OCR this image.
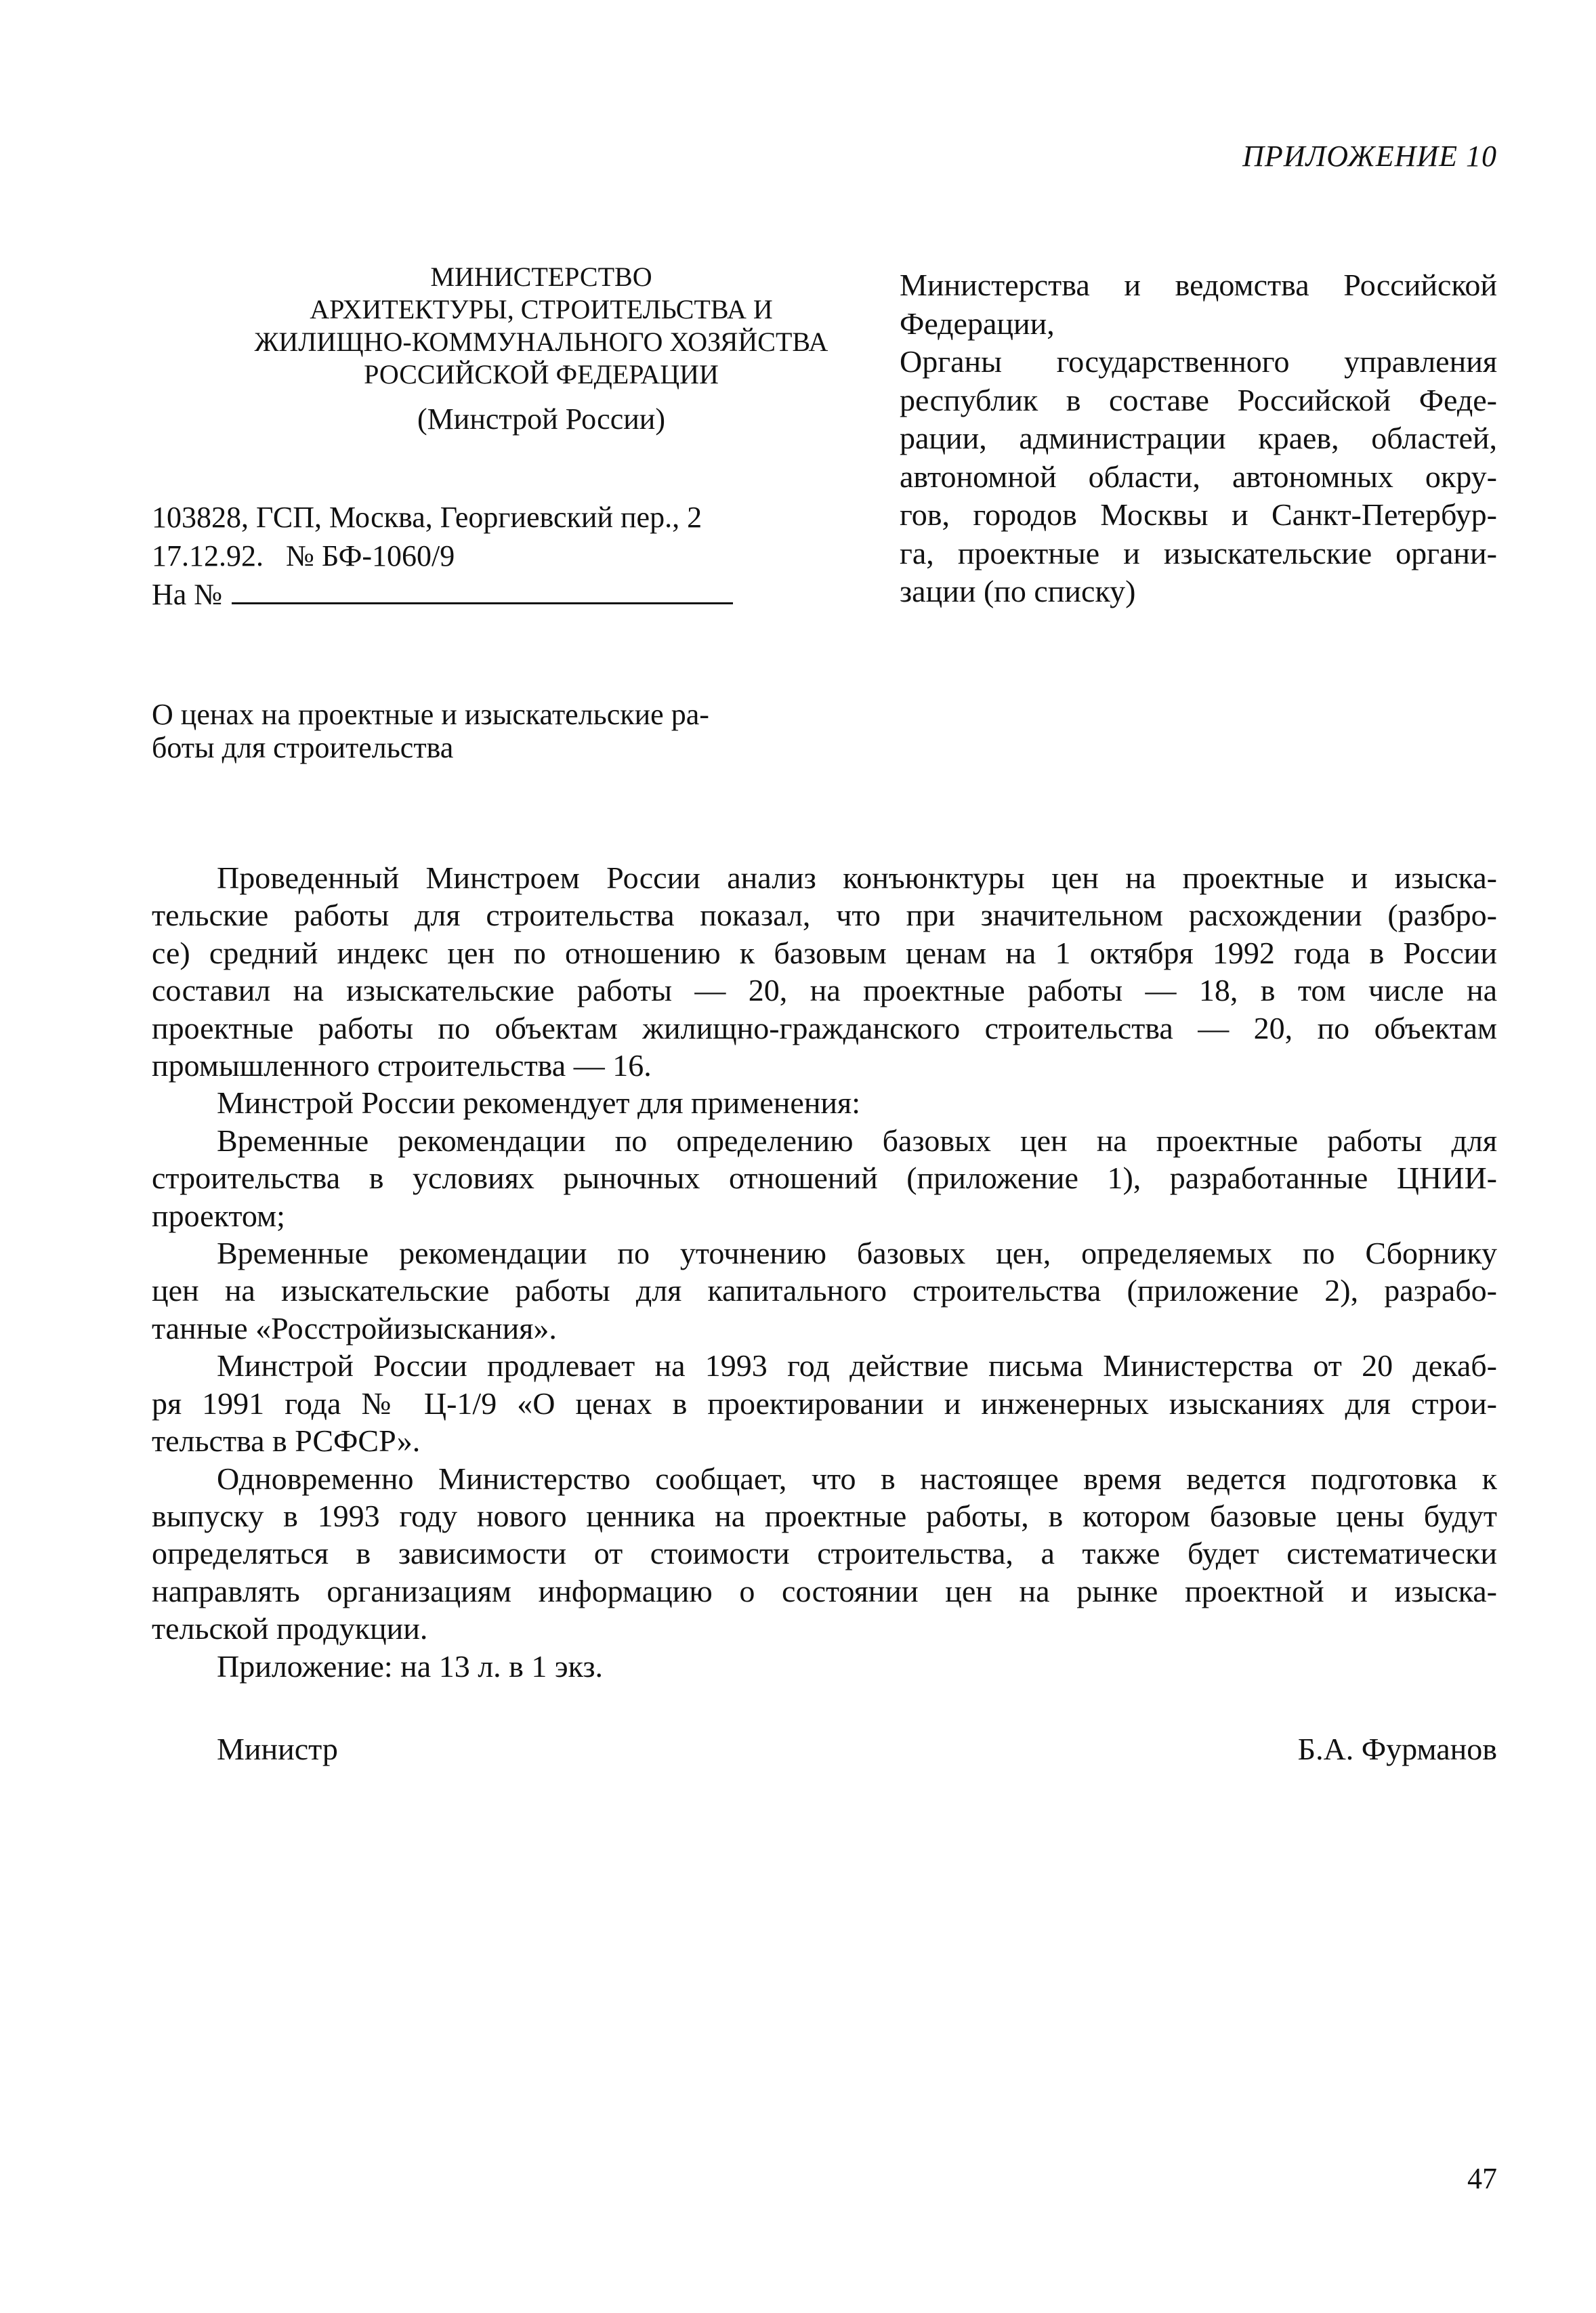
ПРИЛОЖЕНИЕ 10
МИНИСТЕРСТВО
АРХИТЕКТУРЫ, СТРОИТЕЛЬСТВА И
ЖИЛИЩНО-КОММУНАЛЬНОГО ХОЗЯЙСТВА
РОССИЙСКОЙ ФЕДЕРАЦИИ
(Минстрой России)
103828, ГСП, Москва, Георгиевский пер., 2
17.12.92.   № БФ-1060/9
На №
Министерства и ведомства Российской
Федерации,
Органы государственного управления
республик в составе Российской Феде-
рации, администрации краев, областей,
автономной области, автономных окру-
гов, городов Москвы и Санкт-Петербур-
га, проектные и изыскательские органи-
зации (по списку)
О ценах на проектные и изыскательские ра-
боты для строительства
Проведенный Минстроем России анализ конъюнктуры цен на проектные и изыска-
тельские работы для строительства показал, что при значительном расхождении (разбро-
се) средний индекс цен по отношению к базовым ценам на 1 октября 1992 года в России
составил на изыскательские работы — 20, на проектные работы — 18, в том числе на
проектные работы по объектам жилищно-гражданского строительства — 20, по объектам
промышленного строительства — 16.
Минстрой России рекомендует для применения:
Временные рекомендации по определению базовых цен на проектные работы для
строительства в условиях рыночных отношений (приложение 1), разработанные ЦНИИ-
проектом;
Временные рекомендации по уточнению базовых цен, определяемых по Сборнику
цен на изыскательские работы для капитального строительства (приложение 2), разрабо-
танные «Росстройизыскания».
Минстрой России продлевает на 1993 год действие письма Министерства от 20 декаб-
ря 1991 года № Ц-1/9 «О ценах в проектировании и инженерных изысканиях для строи-
тельства в РСФСР».
Одновременно Министерство сообщает, что в настоящее время ведется подготовка к
выпуску в 1993 году нового ценника на проектные работы, в котором базовые цены будут
определяться в зависимости от стоимости строительства, а также будет систематически
направлять организациям информацию о состоянии цен на рынке проектной и изыска-
тельской продукции.
Приложение: на 13 л. в 1 экз.
Министр	Б.А. Фурманов
47
